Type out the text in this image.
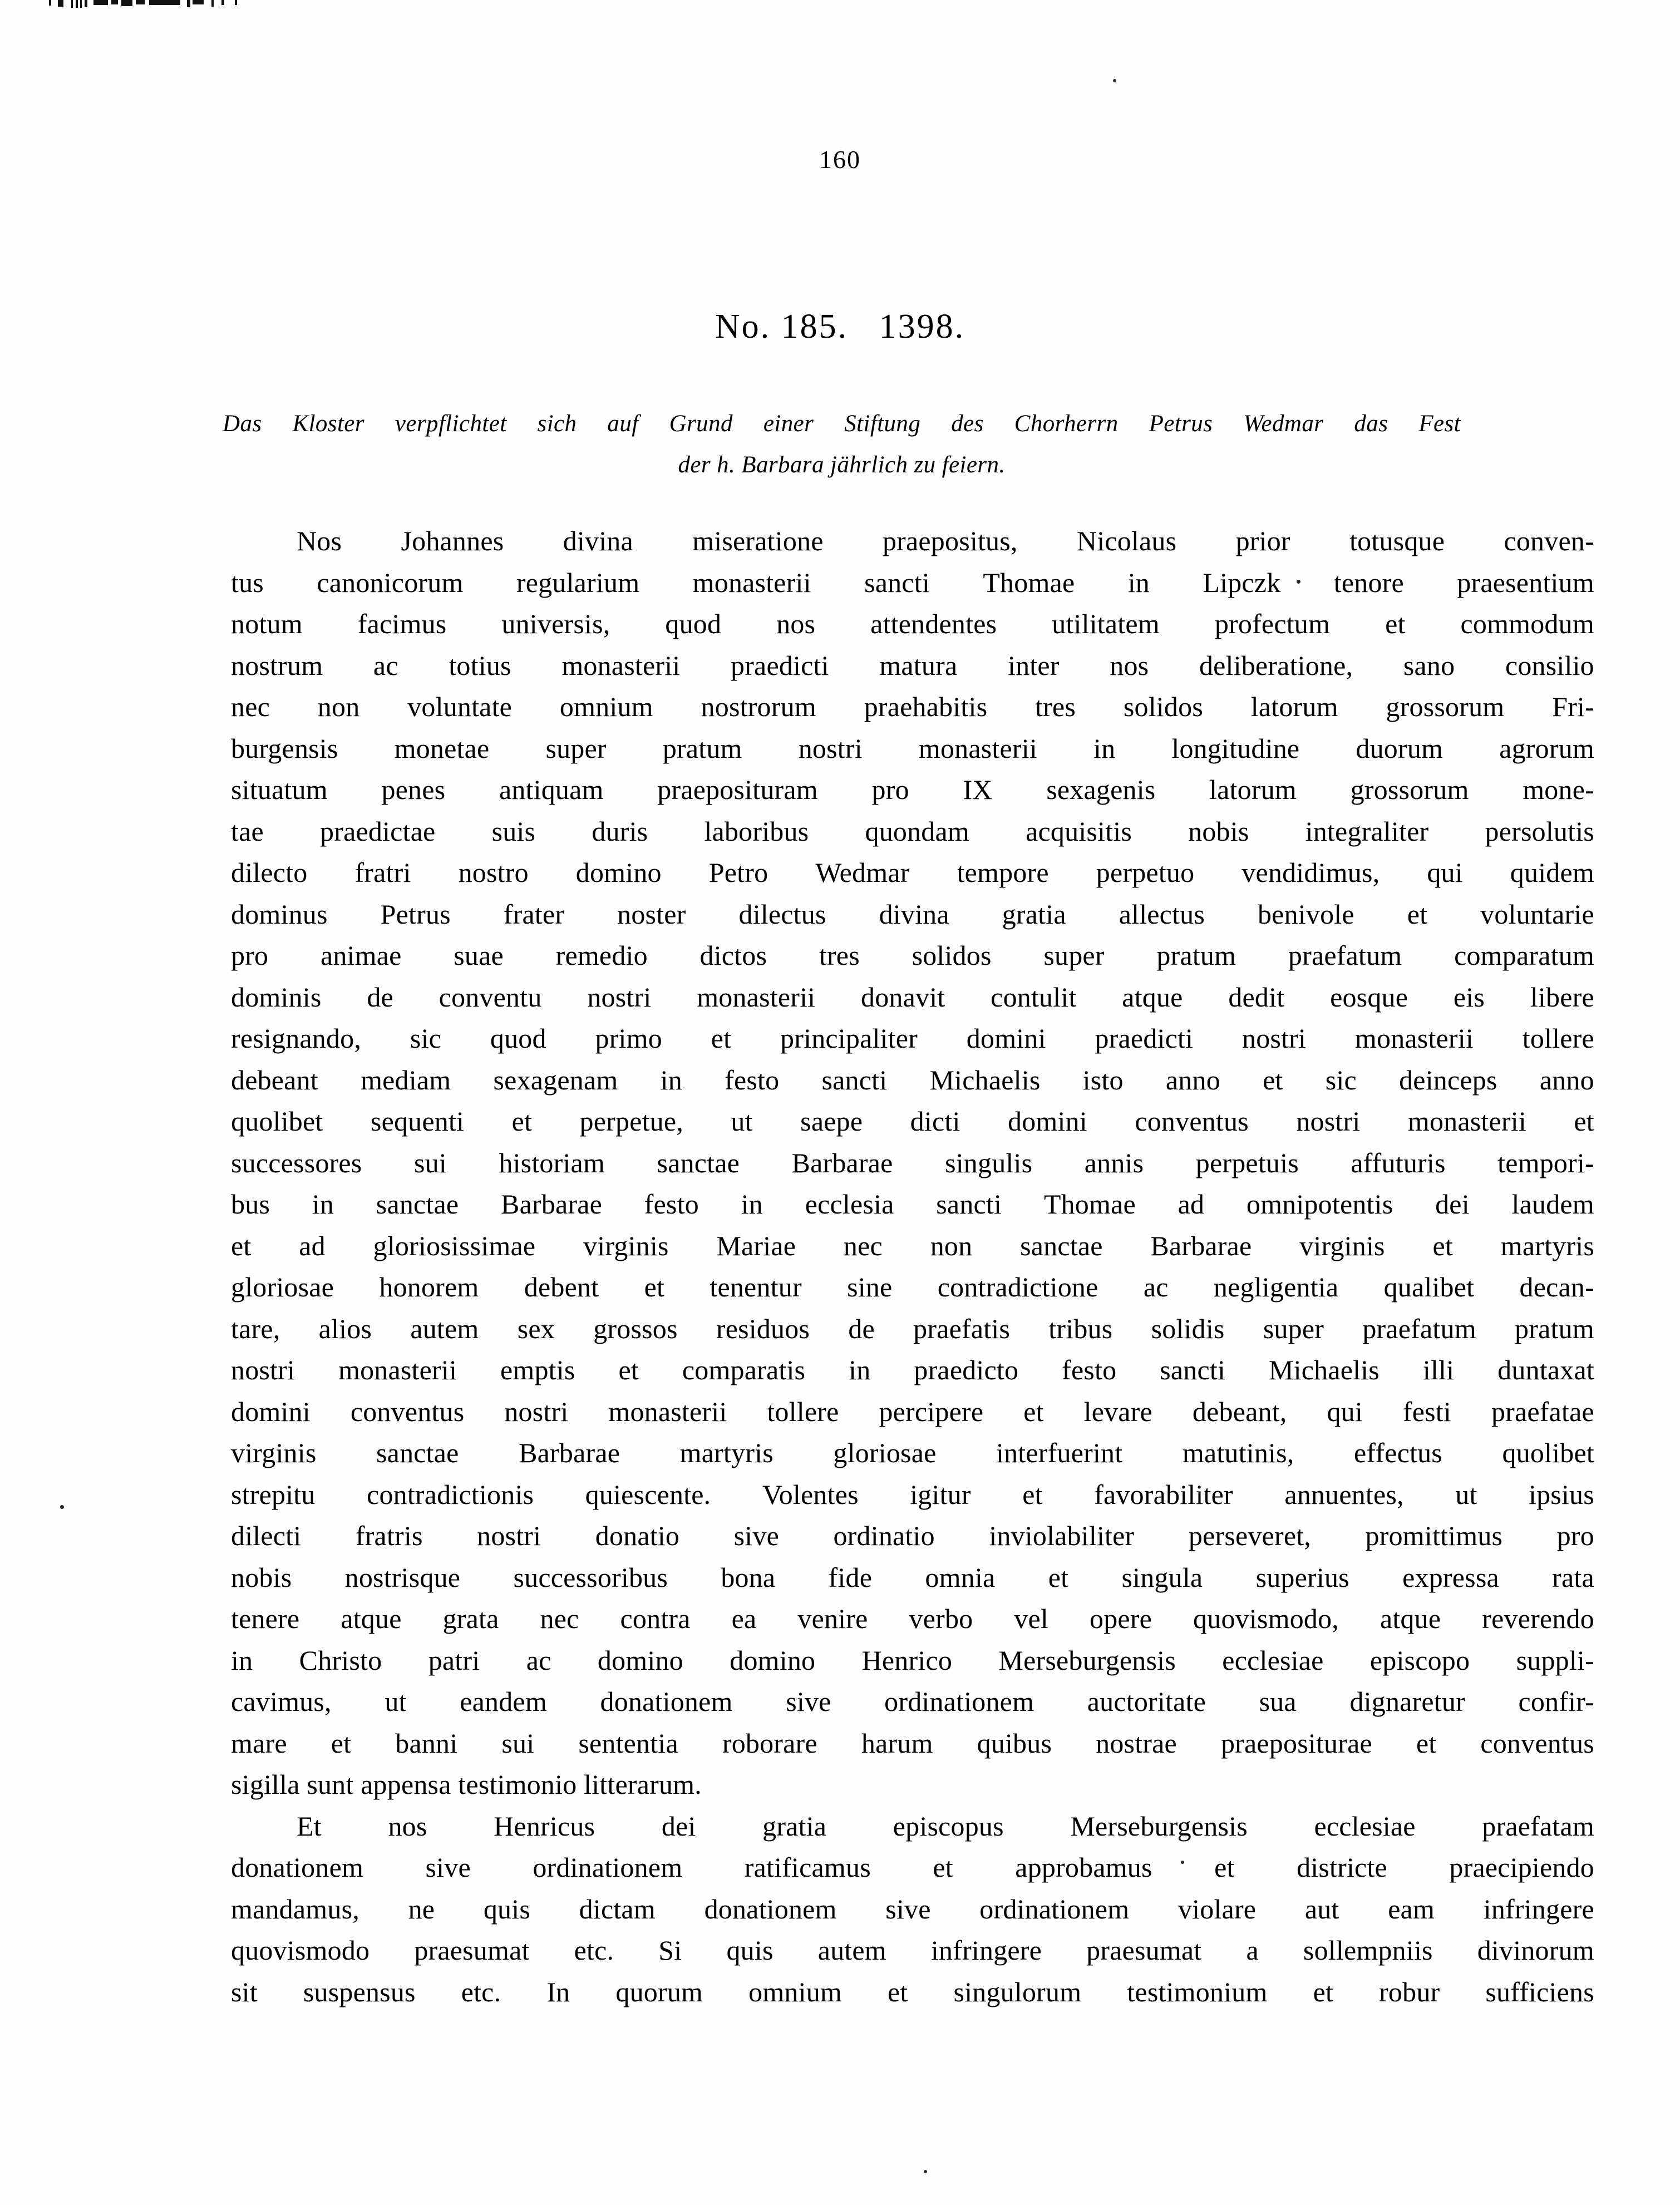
160
No. 185.   1398.
Das Kloster verpflichtet sich auf Grund einer Stiftung des Chorherrn Petrus Wedmar das Fest
der h. Barbara jährlich zu feiern.
Nos Johannes divina miseratione praepositus, Nicolaus prior totusque conven-
tus canonicorum regularium monasterii sancti Thomae in Lipczk tenore praesentium
notum facimus universis, quod nos attendentes utilitatem profectum et commodum
nostrum ac totius monasterii praedicti matura inter nos deliberatione, sano consilio
nec non voluntate omnium nostrorum praehabitis tres solidos latorum grossorum Fri-
burgensis monetae super pratum nostri monasterii in longitudine duorum agrorum
situatum penes antiquam praeposituram pro IX sexagenis latorum grossorum mone-
tae praedictae suis duris laboribus quondam acquisitis nobis integraliter persolutis
dilecto fratri nostro domino Petro Wedmar tempore perpetuo vendidimus, qui quidem
dominus Petrus frater noster dilectus divina gratia allectus benivole et voluntarie
pro animae suae remedio dictos tres solidos super pratum praefatum comparatum
dominis de conventu nostri monasterii donavit contulit atque dedit eosque eis libere
resignando, sic quod primo et principaliter domini praedicti nostri monasterii tollere
debeant mediam sexagenam in festo sancti Michaelis isto anno et sic deinceps anno
quolibet sequenti et perpetue, ut saepe dicti domini conventus nostri monasterii et
successores sui historiam sanctae Barbarae singulis annis perpetuis affuturis tempori-
bus in sanctae Barbarae festo in ecclesia sancti Thomae ad omnipotentis dei laudem
et ad gloriosissimae virginis Mariae nec non sanctae Barbarae virginis et martyris
gloriosae honorem debent et tenentur sine contradictione ac negligentia qualibet decan-
tare, alios autem sex grossos residuos de praefatis tribus solidis super praefatum pratum
nostri monasterii emptis et comparatis in praedicto festo sancti Michaelis illi duntaxat
domini conventus nostri monasterii tollere percipere et levare debeant, qui festi praefatae
virginis sanctae Barbarae martyris gloriosae interfuerint matutinis, effectus quolibet
strepitu contradictionis quiescente. Volentes igitur et favorabiliter annuentes, ut ipsius
dilecti fratris nostri donatio sive ordinatio inviolabiliter perseveret, promittimus pro
nobis nostrisque successoribus bona fide omnia et singula superius expressa rata
tenere atque grata nec contra ea venire verbo vel opere quovismodo, atque reverendo
in Christo patri ac domino domino Henrico Merseburgensis ecclesiae episcopo suppli-
cavimus, ut eandem donationem sive ordinationem auctoritate sua dignaretur confir-
mare et banni sui sententia roborare harum quibus nostrae praepositurae et conventus
sigilla sunt appensa testimonio litterarum.
Et nos Henricus dei gratia episcopus Merseburgensis ecclesiae praefatam
donationem sive ordinationem ratificamus et approbamus et districte praecipiendo
mandamus, ne quis dictam donationem sive ordinationem violare aut eam infringere
quovismodo praesumat etc. Si quis autem infringere praesumat a sollempniis divinorum
sit suspensus etc. In quorum omnium et singulorum testimonium et robur sufficiens
